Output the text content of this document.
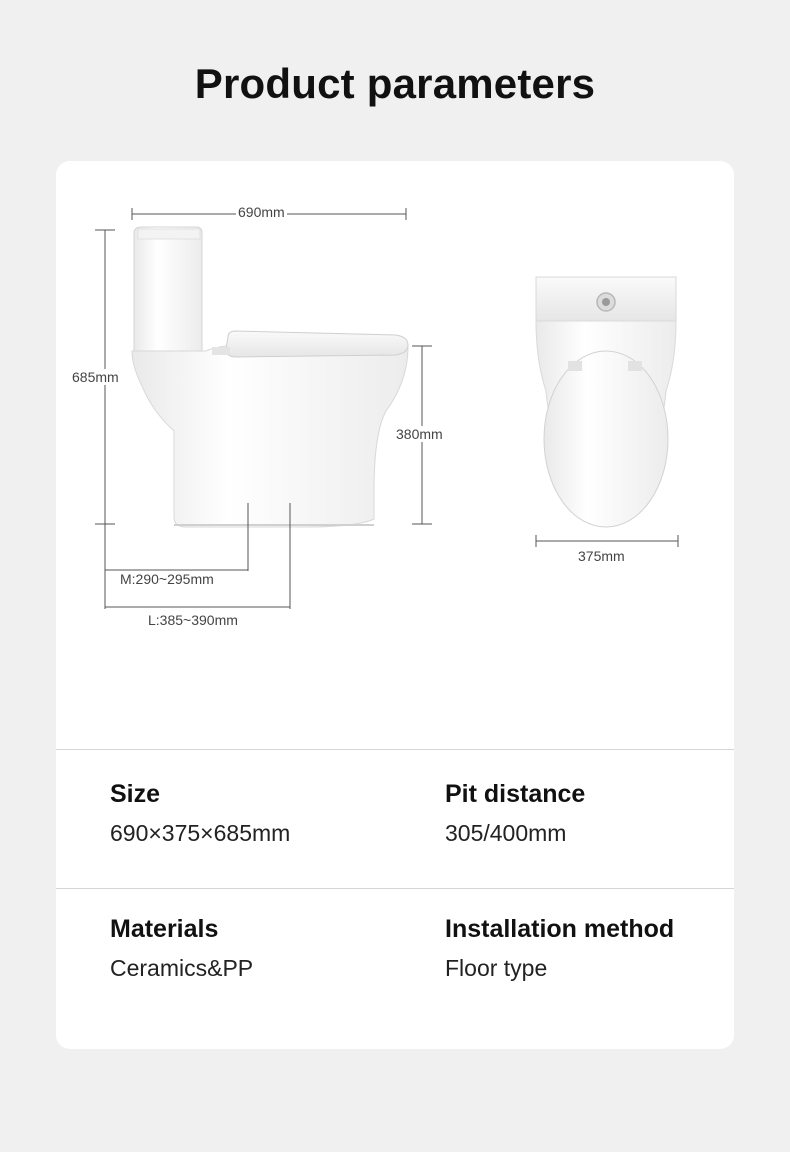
Product parameters
690mm
685mm
380mm
M:290~295mm
L:385~390mm
375mm

Size

690×375×685mm

Pit distance

305/400mm

Materials

Ceramics&PP

Installation method

Floor type
